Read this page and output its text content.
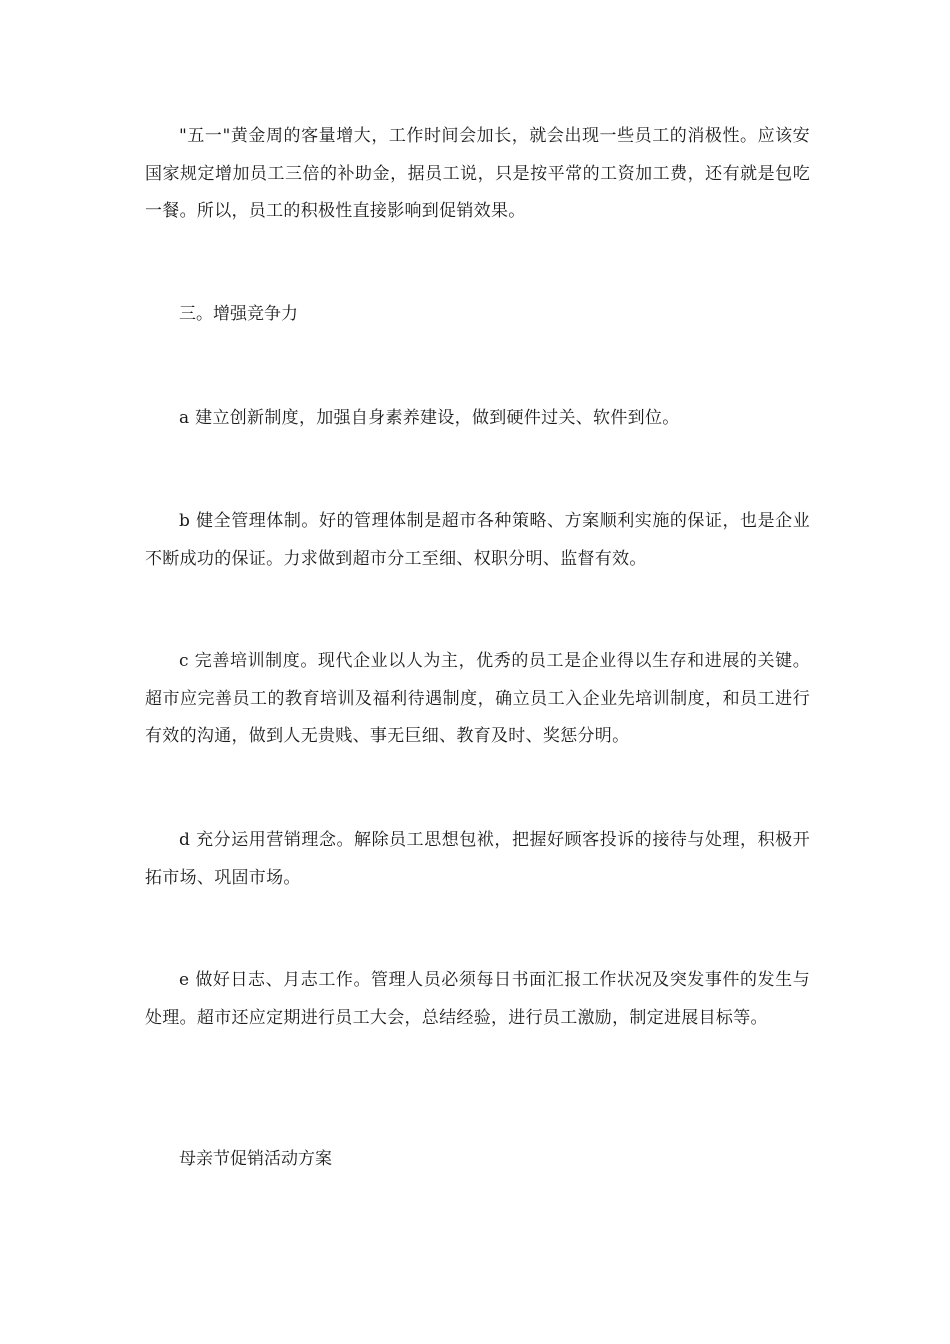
"五一"黄金周的客量增大，工作时间会加长，就会出现一些员工的消极性。应该安国家规定增加员工三倍的补助金，据员工说，只是按平常的工资加工费，还有就是包吃一餐。所以，员工的积极性直接影响到促销效果。

三。增强竞争力

a 建立创新制度，加强自身素养建设，做到硬件过关、软件到位。

b 健全管理体制。好的管理体制是超市各种策略、方案顺利实施的保证，也是企业不断成功的保证。力求做到超市分工至细、权职分明、监督有效。

c 完善培训制度。现代企业以人为主，优秀的员工是企业得以生存和进展的关键。超市应完善员工的教育培训及福利待遇制度，确立员工入企业先培训制度，和员工进行有效的沟通，做到人无贵贱、事无巨细、教育及时、奖惩分明。

d 充分运用营销理念。解除员工思想包袱，把握好顾客投诉的接待与处理，积极开拓市场、巩固市场。

e 做好日志、月志工作。管理人员必须每日书面汇报工作状况及突发事件的发生与处理。超市还应定期进行员工大会，总结经验，进行员工激励，制定进展目标等。

母亲节促销活动方案
